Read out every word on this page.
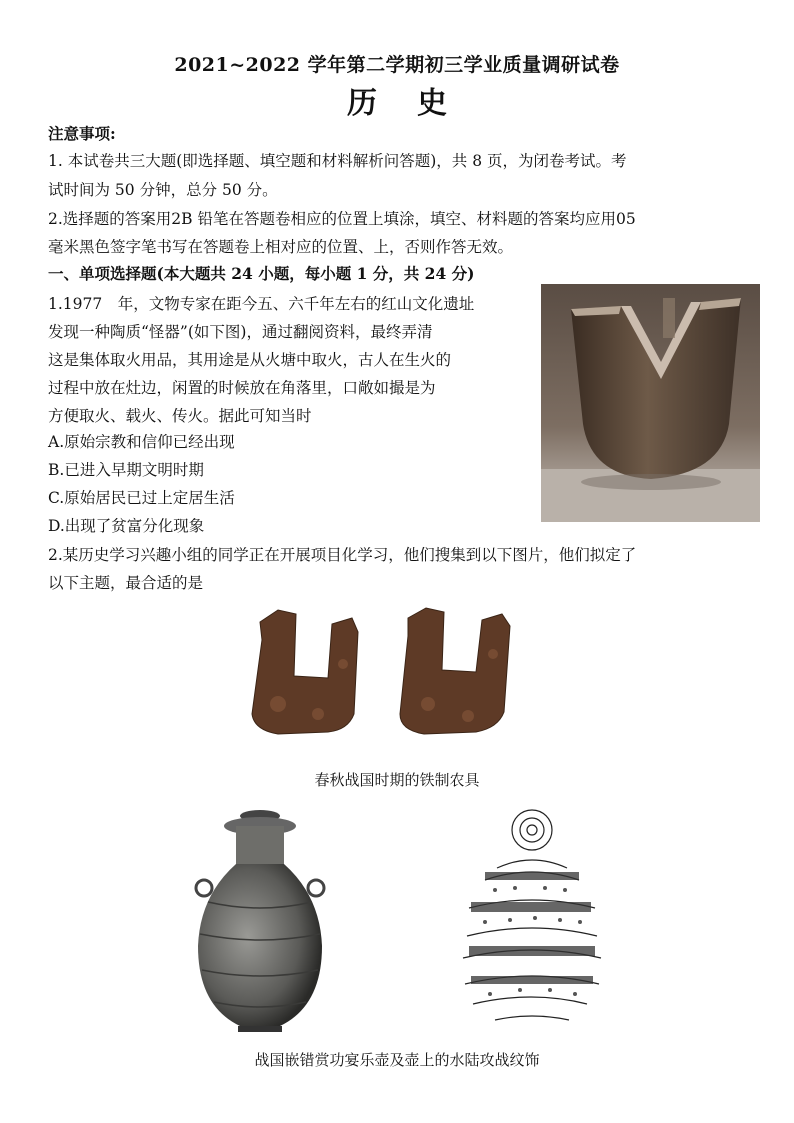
2021~2022 学年第二学期初三学业质量调研试卷
历史
注意事项:
1. 本试卷共三大题(即选择题、填空题和材料解析问答题)，共 8 页，为闭卷考试。考
试时间为 50 分钟，总分 50 分。
2.选择题的答案用2B 铅笔在答题卷相应的位置上填涂，填空、材料题的答案均应用05
毫米黑色签字笔书写在答题卷上相对应的位置、上，否则作答无效。
一、单项选择题(本大题共 24 小题，每小题 1 分，共 24 分)

1.1977　年，文物专家在距今五、六千年左右的红山文化遗址

发现一种陶质“怪器”(如下图)，通过翻阅资料，最终弄清

这是集体取火用品，其用途是从火塘中取火，古人在生火的

过程中放在灶边，闲置的时候放在角落里，口敞如撮是为

方便取火、载火、传火。据此可知当时

A.原始宗教和信仰已经出现
B.已进入早期文明时期
C.原始居民已过上定居生活
D.出现了贫富分化现象
2.某历史学习兴趣小组的同学正在开展项目化学习，他们搜集到以下图片，他们拟定了
以下主题，最合适的是
春秋战国时期的铁制农具
战国嵌错赏功宴乐壶及壶上的水陆攻战纹饰
